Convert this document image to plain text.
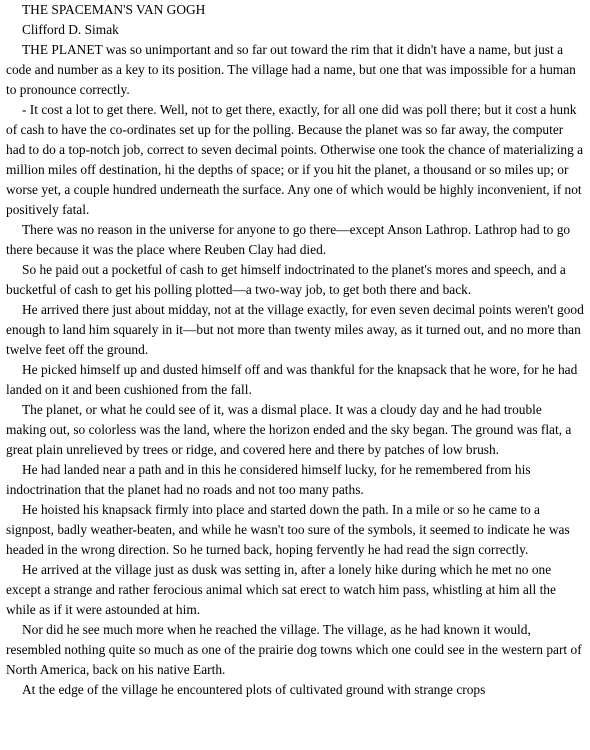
THE SPACEMAN'S VAN GOGH
Clifford D. Simak

THE PLANET was so unimportant and so far out toward the rim that it didn't have a name, but just a code and number as a key to its position. The village had a name, but one that was impossible for a human to pronounce correctly.

- It cost a lot to get there. Well, not to get there, exactly, for all one did was poll there; but it cost a hunk of cash to have the co-ordinates set up for the polling. Because the planet was so far away, the computer had to do a top-notch job, correct to seven decimal points. Otherwise one took the chance of materializing a million miles off destination, hi the depths of space; or if you hit the planet, a thousand or so miles up; or worse yet, a couple hundred underneath the surface. Any one of which would be highly inconvenient, if not positively fatal.

There was no reason in the universe for anyone to go there—except Anson Lathrop. Lathrop had to go there because it was the place where Reuben Clay had died.

So he paid out a pocketful of cash to get himself indoctrinated to the planet's mores and speech, and a bucketful of cash to get his polling plotted—a two-way job, to get both there and back.

He arrived there just about midday, not at the village exactly, for even seven decimal points weren't good enough to land him squarely in it—but not more than twenty miles away, as it turned out, and no more than twelve feet off the ground.

He picked himself up and dusted himself off and was thankful for the knapsack that he wore, for he had landed on it and been cushioned from the fall.

The planet, or what he could see of it, was a dismal place. It was a cloudy day and he had trouble making out, so colorless was the land, where the horizon ended and the sky began. The ground was flat, a great plain unrelieved by trees or ridge, and covered here and there by patches of low brush.

He had landed near a path and in this he considered himself lucky, for he remembered from his indoctrination that the planet had no roads and not too many paths.

He hoisted his knapsack firmly into place and started down the path. In a mile or so he came to a signpost, badly weather-beaten, and while he wasn't too sure of the symbols, it seemed to indicate he was headed in the wrong direction. So he turned back, hoping fervently he had read the sign correctly.

He arrived at the village just as dusk was setting in, after a lonely hike during which he met no one except a strange and rather ferocious animal which sat erect to watch him pass, whistling at him all the while as if it were astounded at him.

Nor did he see much more when he reached the village. The village, as he had known it would, resembled nothing quite so much as one of the prairie dog towns which one could see in the western part of North America, back on his native Earth.

At the edge of the village he encountered plots of cultivated ground with strange crops
